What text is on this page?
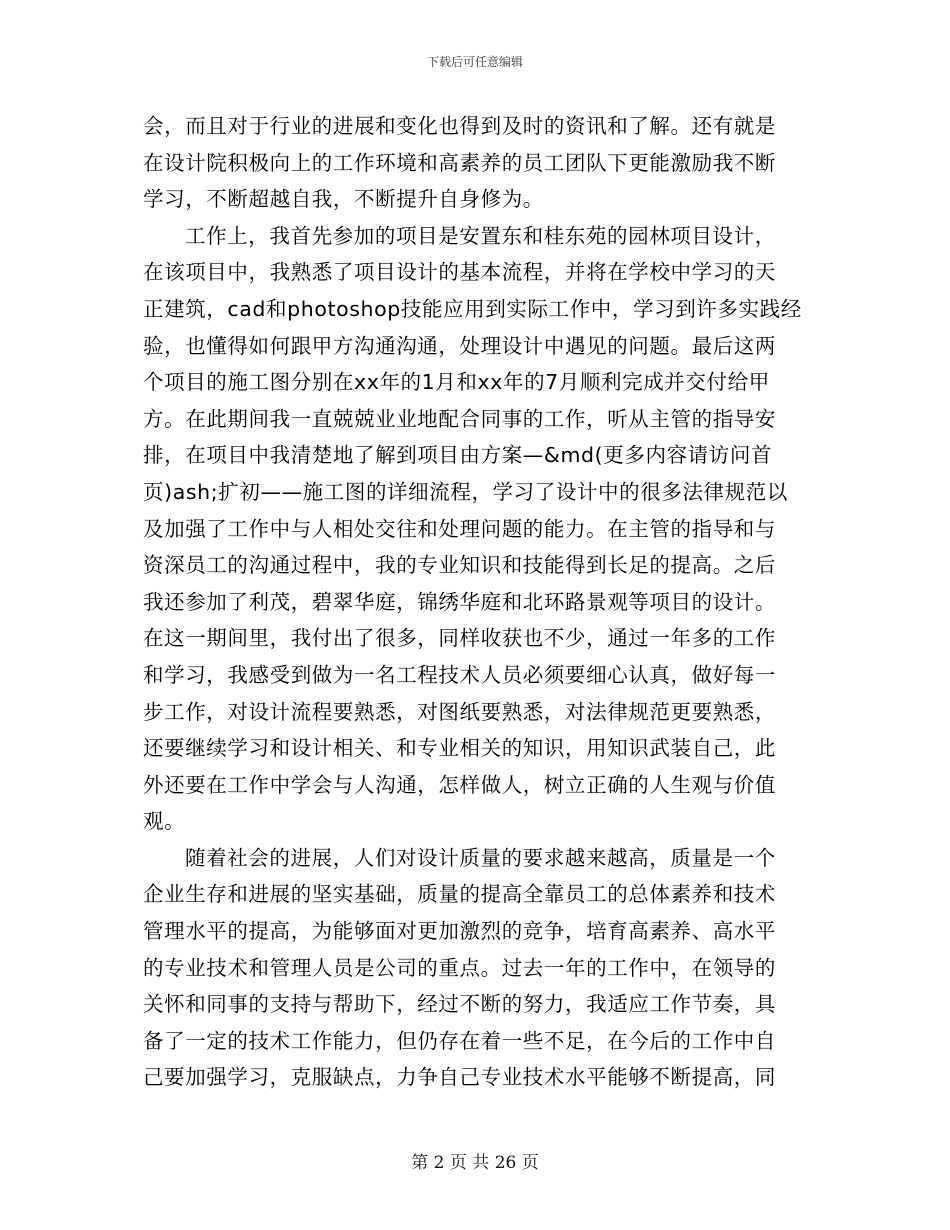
下载后可任意编辑
会，而且对于行业的进展和变化也得到及时的资讯和了解。还有就是
在设计院积极向上的工作环境和高素养的员工团队下更能激励我不断
学习，不断超越自我，不断提升自身修为。
工作上，我首先参加的项目是安置东和桂东苑的园林项目设计，
在该项目中，我熟悉了项目设计的基本流程，并将在学校中学习的天
正建筑，cad和photoshop技能应用到实际工作中，学习到许多实践经
验，也懂得如何跟甲方沟通沟通，处理设计中遇见的问题。最后这两
个项目的施工图分别在xx年的1月和xx年的7月顺利完成并交付给甲
方。在此期间我一直兢兢业业地配合同事的工作，听从主管的指导安
排，在项目中我清楚地了解到项目由方案—&md(更多内容请访问首
页)ash;扩初——施工图的详细流程，学习了设计中的很多法律规范以
及加强了工作中与人相处交往和处理问题的能力。在主管的指导和与
资深员工的沟通过程中，我的专业知识和技能得到长足的提高。之后
我还参加了利茂，碧翠华庭，锦绣华庭和北环路景观等项目的设计。
在这一期间里，我付出了很多，同样收获也不少，通过一年多的工作
和学习，我感受到做为一名工程技术人员必须要细心认真，做好每一
步工作，对设计流程要熟悉，对图纸要熟悉，对法律规范更要熟悉，
还要继续学习和设计相关、和专业相关的知识，用知识武装自己，此
外还要在工作中学会与人沟通，怎样做人，树立正确的人生观与价值
观。
随着社会的进展，人们对设计质量的要求越来越高，质量是一个
企业生存和进展的坚实基础，质量的提高全靠员工的总体素养和技术
管理水平的提高，为能够面对更加激烈的竞争，培育高素养、高水平
的专业技术和管理人员是公司的重点。过去一年的工作中，在领导的
关怀和同事的支持与帮助下，经过不断的努力，我适应工作节奏，具
备了一定的技术工作能力，但仍存在着一些不足，在今后的工作中自
己要加强学习，克服缺点，力争自己专业技术水平能够不断提高，同
第 2 页 共 26 页
